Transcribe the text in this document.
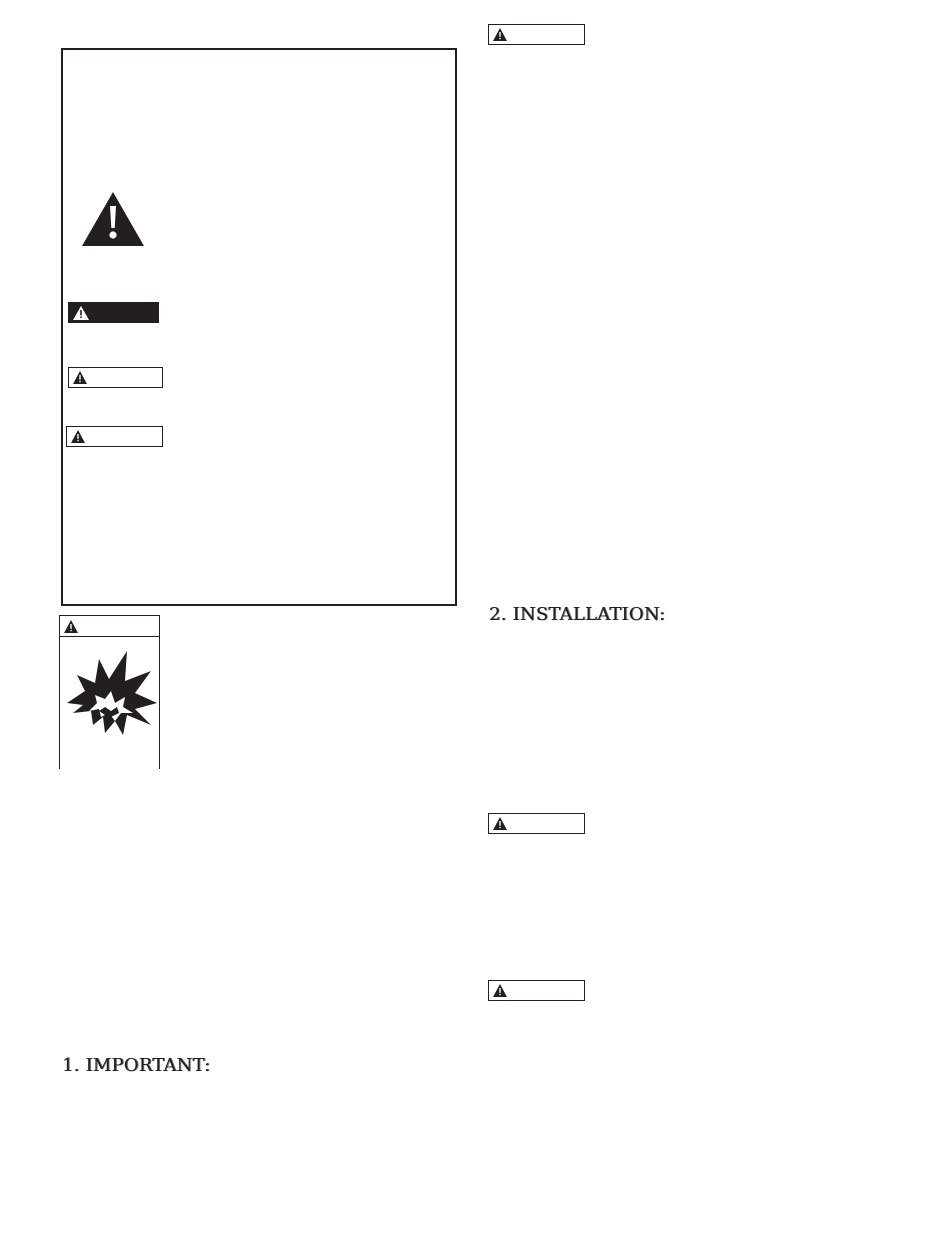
1. IMPORTANT:
2. INSTALLATION:
